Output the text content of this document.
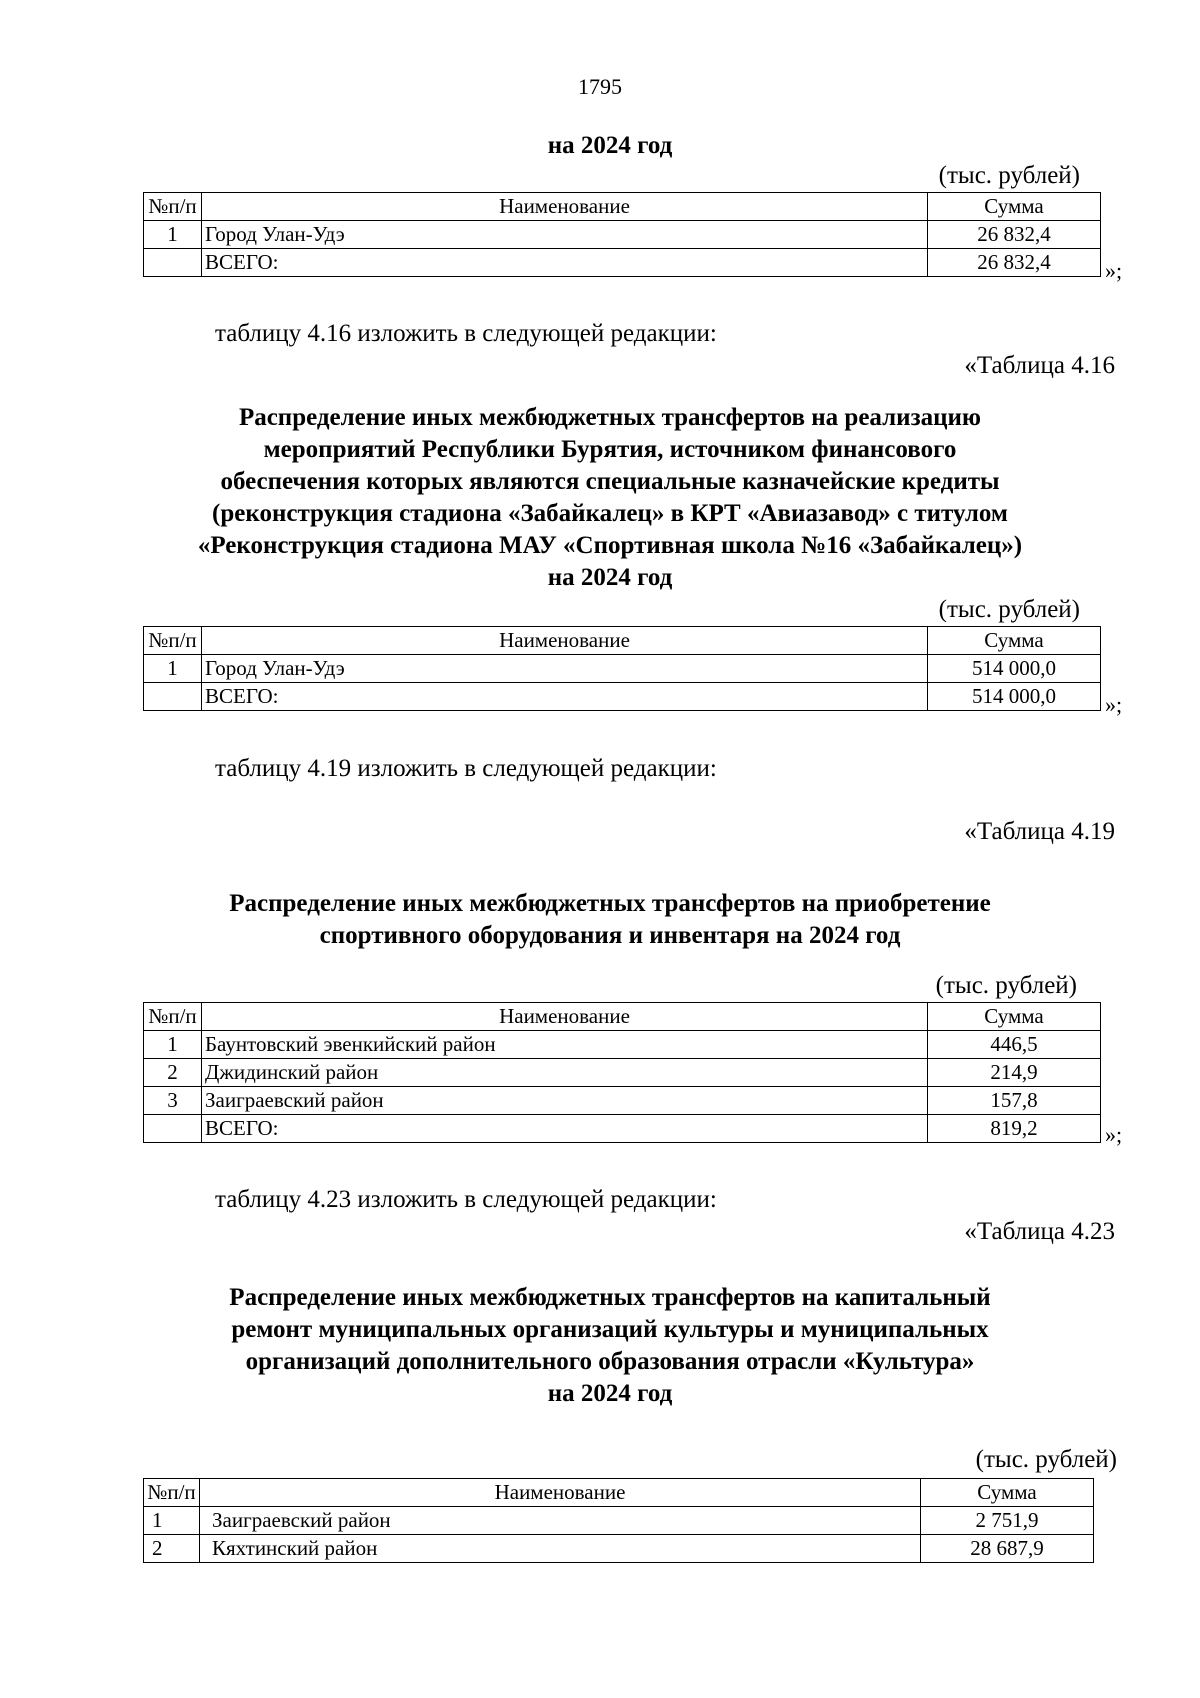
1795
на 2024 год
(тыс. рублей)
№п/п	Наименование	Сумма
1	Город Улан-Удэ	26 832,4
	ВСЕГО:	26 832,4 »;
таблицу 4.16 изложить в следующей редакции:
«Таблица 4.16
Распределение иных межбюджетных трансфертов на реализацию
мероприятий Республики Бурятия, источником финансового
обеспечения которых являются специальные казначейские кредиты
(реконструкция стадиона «Забайкалец» в КРТ «Авиазавод» с титулом
«Реконструкция стадиона МАУ «Спортивная школа №16 «Забайкалец»)
на 2024 год
(тыс. рублей)
№п/п	Наименование	Сумма
1	Город Улан-Удэ	514 000,0
	ВСЕГО:	514 000,0 »;
таблицу 4.19 изложить в следующей редакции:
«Таблица 4.19
Распределение иных межбюджетных трансфертов на приобретение
спортивного оборудования и инвентаря на 2024 год
(тыс. рублей)
№п/п	Наименование	Сумма
1	Баунтовский эвенкийский район	446,5
2	Джидинский район	214,9
3	Заиграевский район	157,8
	ВСЕГО:	819,2	»;
таблицу 4.23 изложить в следующей редакции:
«Таблица 4.23
Распределение иных межбюджетных трансфертов на капитальный
ремонт муниципальных организаций культуры и муниципальных
организаций дополнительного образования отрасли «Культура»
на 2024 год
(тыс. рублей)
№п/п	Наименование	Сумма
1	Заиграевский район	2 751,9
2	Кяхтинский район	28 687,9
